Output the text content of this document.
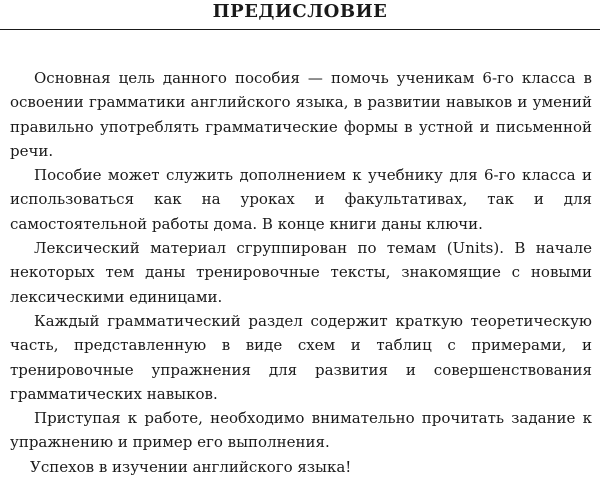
ПРЕДИСЛОВИЕ

Основная цель данного пособия — помочь ученикам 6-го класса в освоении грамматики английского языка, в развитии навыков и умений правильно употреблять грамматические формы в устной и письменной речи.

Пособие может служить дополнением к учебнику для 6-го класса и использоваться как на уроках и факультативах, так и для самостоятельной работы дома. В конце книги даны ключи.

Лексический материал сгруппирован по темам (Units). В начале некоторых тем даны тренировочные тексты, знакомящие с новыми лексическими единицами.

Каждый грамматический раздел содержит краткую теоретическую часть, представленную в виде схем и таблиц с примерами, и тренировочные упражнения для развития и совершенствования грамматических навыков.

Приступая к работе, необходимо внимательно прочитать задание к упражнению и пример его выполнения.

Успехов в изучении английского языка!
